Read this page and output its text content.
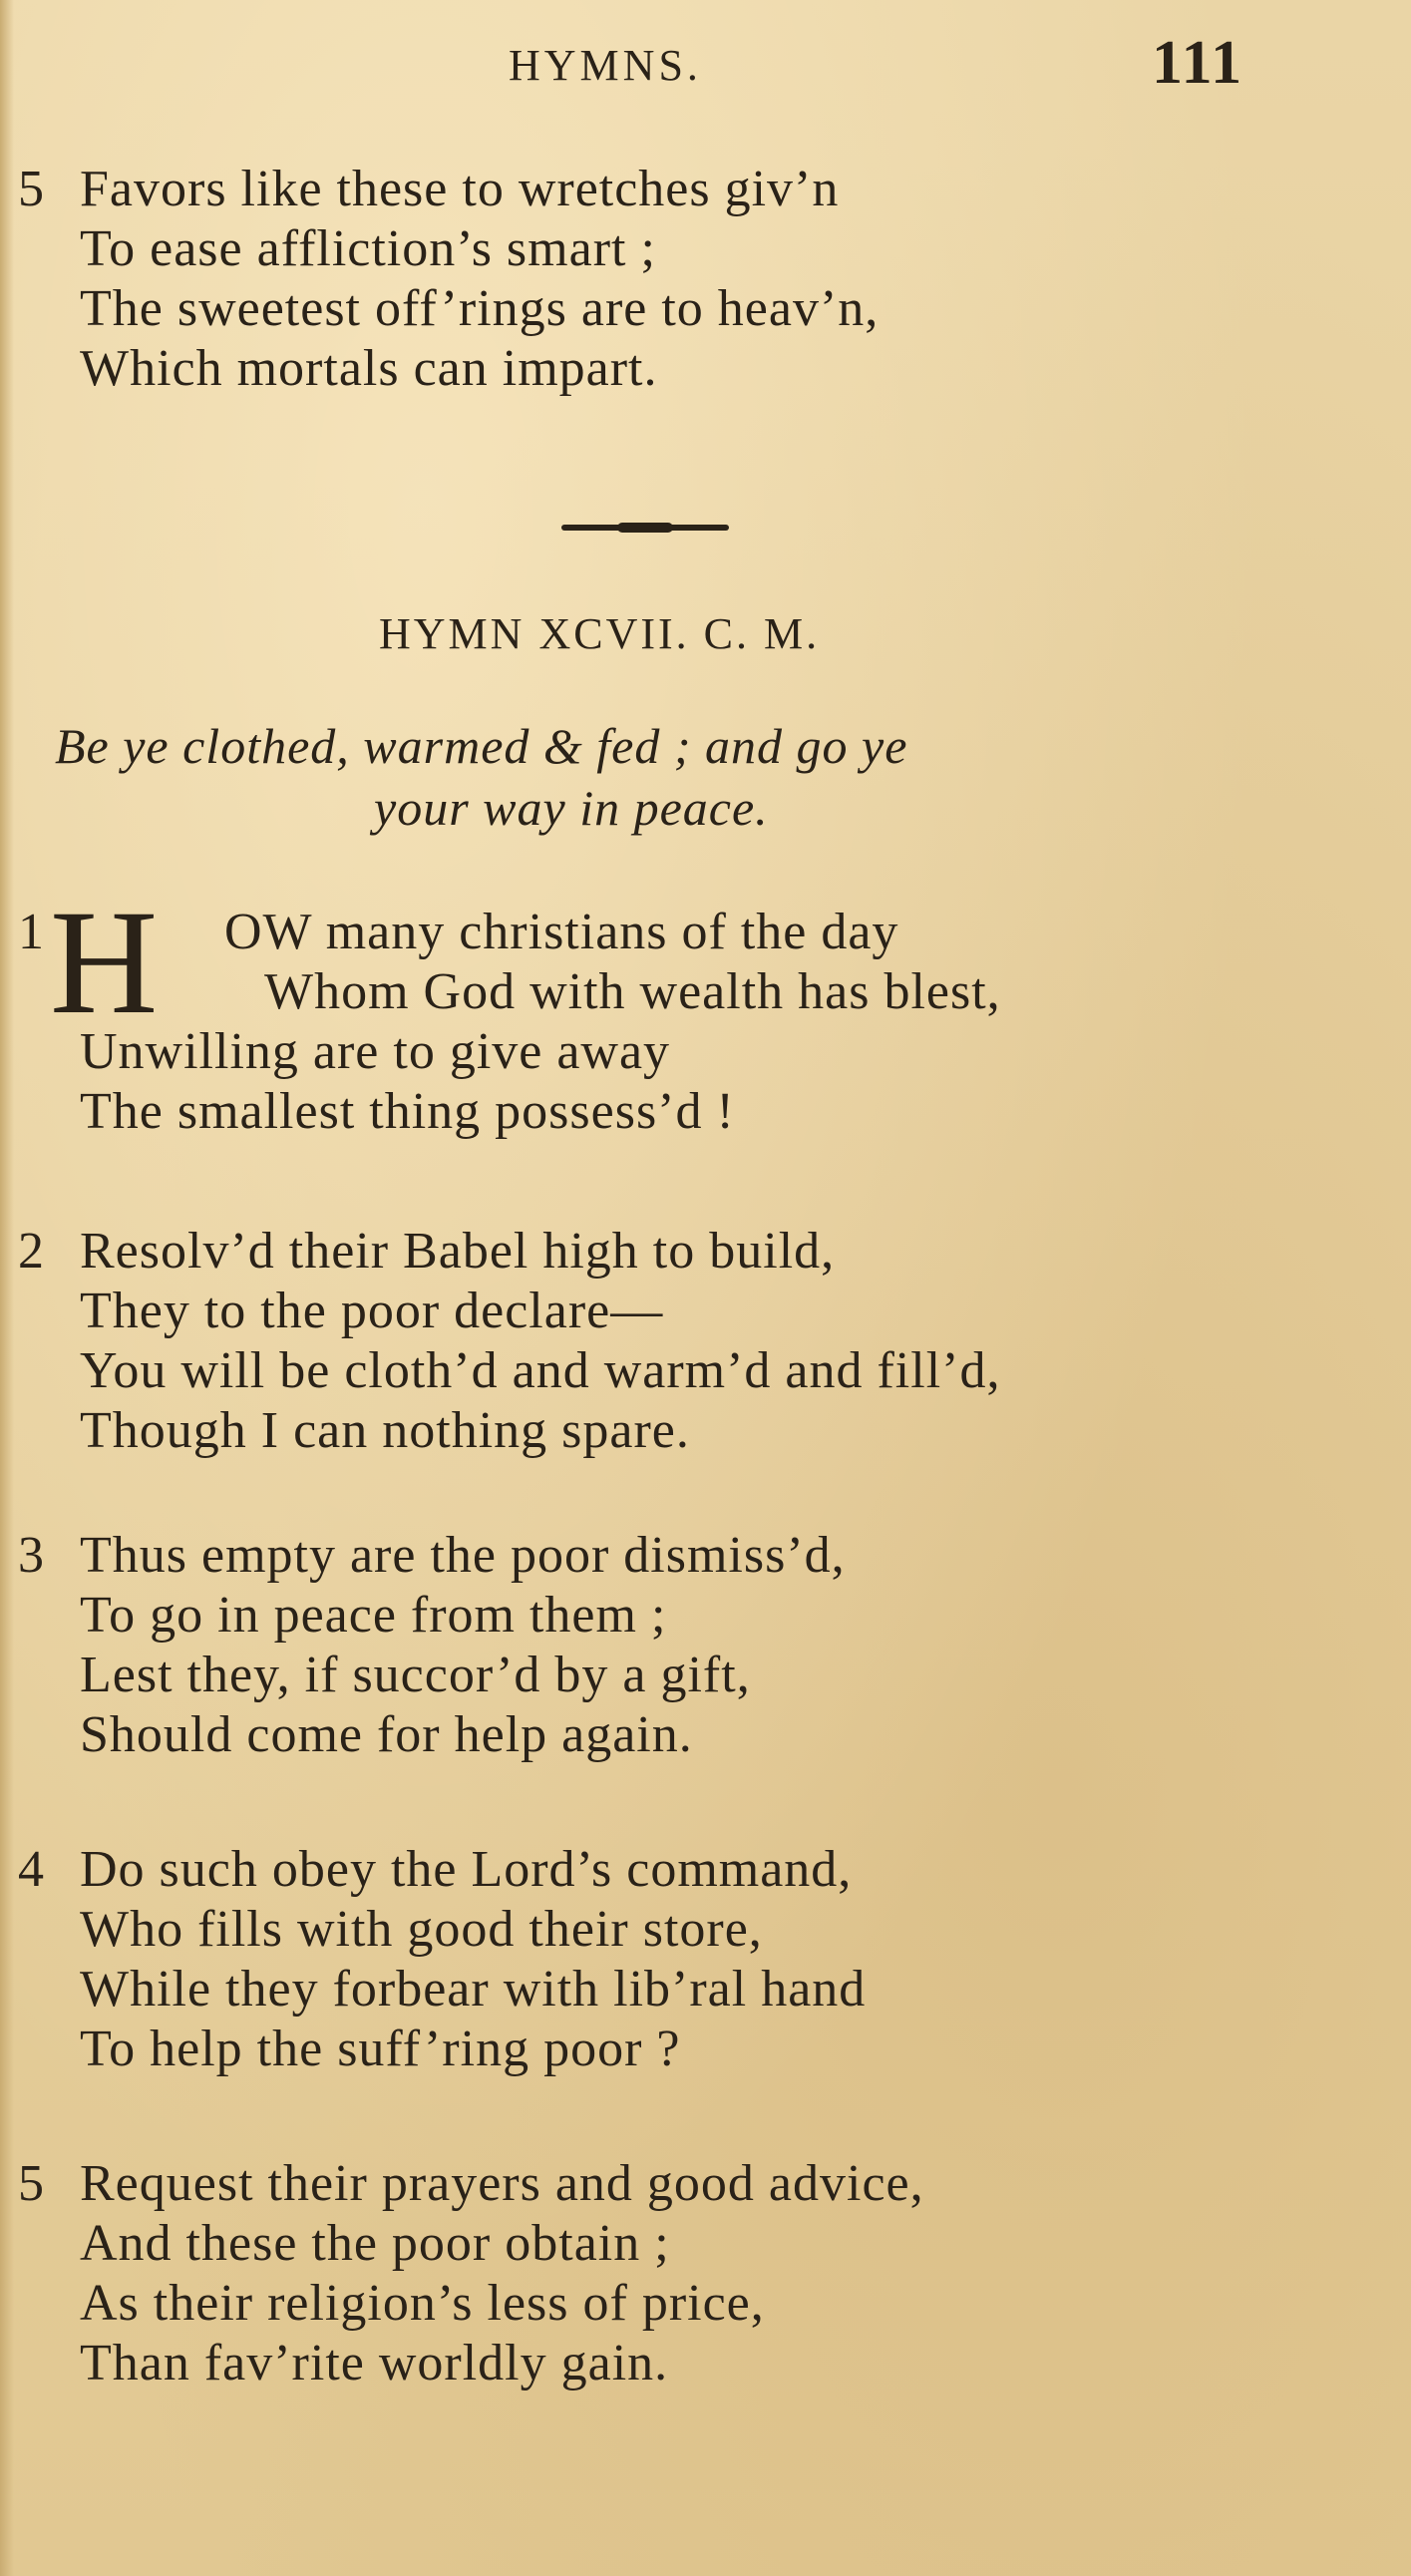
HYMNS.	111
5 Favors like these to wretches giv’n
To ease affliction’s smart ;
The sweetest off’rings are to heav’n,
Which mortals can impart.
HYMN XCVII. C. M.
Be ye clothed, warmed & fed ; and go ye
your way in peace.
1	OW many christians of the day
Whom God with wealth has blest,
Unwilling are to give away
The smallest thing possess’d !
H
2 Resolv’d their Babel high to build,
They to the poor declare—
You will be cloth’d and warm’d and fill’d,
Though I can nothing spare.
3 Thus empty are the poor dismiss’d,
To go in peace from them ;
Lest they, if succor’d by a gift,
Should come for help again.
4 Do such obey the Lord’s command,
Who fills with good their store,
While they forbear with lib’ral hand
To help the suff’ring poor ?
5 Request their prayers and good advice,
And these the poor obtain ;
As their religion’s less of price,
Than fav’rite worldly gain.
